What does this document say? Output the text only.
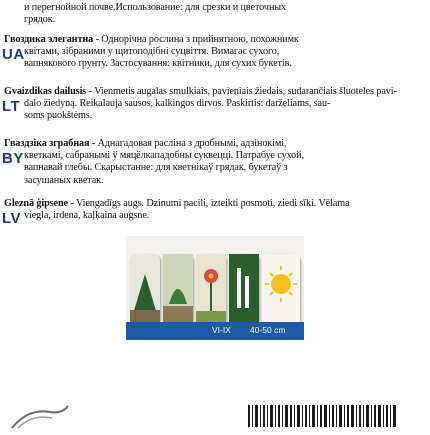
и перегнойной почве.Использование: для срезки и цветочных
грядок.
Гвоздика элегантна - Однорічна рослина з прийнятною, похожнимк
UA квітами, зібраними у щитоподібні суцвіття. Вимагає сухого,
вапнякового ґрунту. Застосування: квітники, для сухих букетів.
Gvaizdikas dailusis - Vienmetis augalas smulkiais, pavieniais žiedais, sudarančiais šluoteles pavi-
LT dalo žiedyną. Reikalauja sausos, kalkingos dirvos. Paskirtis: darželiams, sau-
soms puokštėms.
Гваздзіка зграбная - Аднагадовая расліна з дробнымі, адзінокімі,
BY кветкамі, сабранымі ў мяцёлкападобны суквецці. Патрабуе сухой,
вапнавай глебы. Скарыстанне: для кветнікаў грядак, букетаў з
засушаных кветак.
Gleznā ģipsene - Viengadīgs augs. Dzinumi pacili, izteikti posmoti, ziedi sīki. Vēlama
LV viegla, irdena, kaļķaina augsne.
VI-IX 40-50 cm
